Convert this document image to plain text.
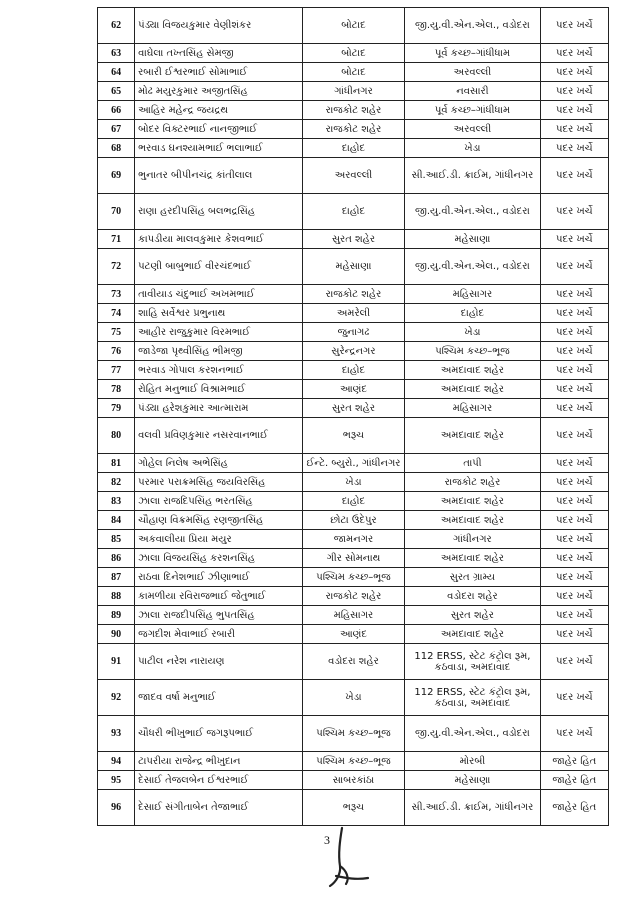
62	પંડ્યા વિજયકુમાર વેણીશંકર	બોટાદ	જી.યુ.વી.એન.એલ., વડોદરા	પદર ખર્ચે
63	વાઘેલા તખ્તસિંહ સેમજી	બોટાદ	પૂર્વ કચ્છ–ગાંધીધામ	પદર ખર્ચે
64	રબારી ઈશ્વરભાઈ સોમાભાઈ	બોટાદ	અરવલ્લી	પદર ખર્ચે
65	મોઢ મયુરકુમાર અજીતસિંહ	ગાંધીનગર	નવસારી	પદર ખર્ચે
66	આહિર મહેન્દ્ર જયદ્રથ	રાજકોટ શહેર	પૂર્વ કચ્છ–ગાંધીધામ	પદર ખર્ચે
67	બોદર વિક્ટરભાઈ નાનજીભાઈ	રાજકોટ શહેર	અરવલ્લી	પદર ખર્ચે
68	ભરવાડ ઘનશ્યામભાઈ ભલાભાઈ	દાહોદ	ખેડા	પદર ખર્ચે
69	ભુનાતર બીપીનચંદ્ર કાંતીલાલ	અરવલ્લી	સી.આઈ.ડી. ક્રાઈમ, ગાંધીનગર	પદર ખર્ચે
70	રાણા હરદીપસિંહ બલભદ્રસિંહ	દાહોદ	જી.યુ.વી.એન.એલ., વડોદરા	પદર ખર્ચે
71	કાપડીયા માલવકુમાર કેશવભાઈ	સુરત શહેર	મહેસાણા	પદર ખર્ચે
72	પટણી બાબુભાઈ વીરચંદભાઈ	મહેસાણા	જી.યુ.વી.એન.એલ., વડોદરા	પદર ખર્ચે
73	તાવીયાડ ચંદુભાઈ અખમભાઈ	રાજકોટ શહેર	મહિસાગર	પદર ખર્ચે
74	શાહિ સર્વેશ્વર પ્રભુનાથ	અમરેલી	દાહોદ	પદર ખર્ચે
75	આહીર રાજુકુમાર વિરમભાઈ	જુનાગઢ	ખેડા	પદર ખર્ચે
76	જાડેજા પૃથ્વીસિંહ ભીમજી	સુરેન્દ્રનગર	પશ્ચિમ કચ્છ–ભૂજ	પદર ખર્ચે
77	ભરવાડ ગોપાલ કરશનભાઈ	દાહોદ	અમદાવાદ શહેર	પદર ખર્ચે
78	રોહિત મનુભાઈ વિશ્રામભાઈ	આણંદ	અમદાવાદ શહેર	પદર ખર્ચે
79	પંડ્યા હરેશકુમાર આત્મારામ	સુરત શહેર	મહિસાગર	પદર ખર્ચે
80	વલવી પ્રવિણકુમાર નસરવાનભાઈ	ભરૂચ	અમદાવાદ શહેર	પદર ખર્ચે
81	ગોહેલ નિલેષ અભેસિંહ	ઈન્ટે. બ્યુરો., ગાંધીનગર	તાપી	પદર ખર્ચે
82	પરમાર પરાક્રમસિંહ જયવિરસિંહ	ખેડા	રાજકોટ શહેર	પદર ખર્ચે
83	ઝાલા રાજદિપસિંહ ભરતસિંહ	દાહોદ	અમદાવાદ શહેર	પદર ખર્ચે
84	ચૌહાણ વિક્રમસિંહ રણજીતસિંહ	છોટા ઉદેપુર	અમદાવાદ શહેર	પદર ખર્ચે
85	અકવાલીયા પ્રિયા મયુર	જામનગર	ગાંધીનગર	પદર ખર્ચે
86	ઝાલા વિજયસિંહ કરશનસિંહ	ગીર સોમનાથ	અમદાવાદ શહેર	પદર ખર્ચે
87	રાઠવા દિનેશભાઈ ઝીણાભાઈ	પશ્ચિમ કચ્છ–ભૂજ	સુરત ગ્રામ્ય	પદર ખર્ચે
88	કામળીયા રવિરાજભાઈ જેતુભાઈ	રાજકોટ શહેર	વડોદરા શહેર	પદર ખર્ચે
89	ઝાલા રાજદીપસિંહ ભુપતસિંહ	મહિસાગર	સુરત શહેર	પદર ખર્ચે
90	જગદીશ મેવાભાઈ રબારી	આણંદ	અમદાવાદ શહેર	પદર ખર્ચે
91	પાટીલ નરેશ નારાયણ	વડોદરા શહેર	112 ERSS, સ્ટેટ કંટ્રોલ રૂમ, કઠવાડા, અમદાવાદ	પદર ખર્ચે
92	જાદવ વર્ષા મનુભાઈ	ખેડા	112 ERSS, સ્ટેટ કંટ્રોલ રૂમ, કઠવાડા, અમદાવાદ	પદર ખર્ચે
93	ચૌધરી ભીખુભાઈ જગરૂપભાઈ	પશ્ચિમ કચ્છ–ભૂજ	જી.યુ.વી.એન.એલ., વડોદરા	પદર ખર્ચે
94	ટાપરીયા રાજેન્દ્ર ભીખુદાન	પશ્ચિમ કચ્છ–ભૂજ	મોરબી	જાહેર હિત
95	દેસાઈ તેજલબેન ઈશ્વરભાઈ	સાબરકાંઠા	મહેસાણા	જાહેર હિત
96	દેસાઈ સંગીતાબેન તેજાભાઈ	ભરૂચ	સી.આઈ.ડી. ક્રાઈમ, ગાંધીનગર	જાહેર હિત
3
